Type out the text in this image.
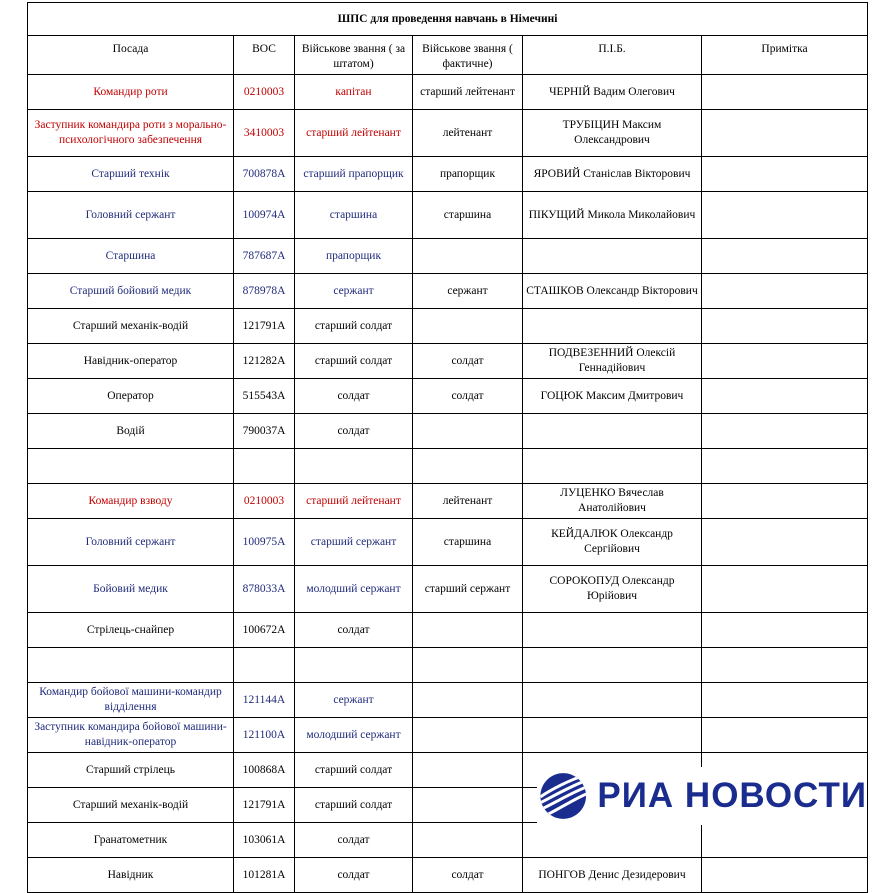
ШПС для проведення навчань в Німечині					
Посада	ВОС	Військове звання ( за штатом)	Військове звання ( фактичне)	П.І.Б.	Примітка
Командир роти	0210003	капітан	старший лейтенант	ЧЕРНІЙ Вадим Олегович	
Заступник командира роти з морально-психологічного забезпечення	3410003	старший лейтенант	лейтенант	ТРУБІЦИН Максим Олександрович	
Старший технік	700878А	старший прапорщик	прапорщик	ЯРОВИЙ Станіслав Вікторович	
Головний сержант	100974А	старшина	старшина	ПІКУЩИЙ Микола Миколайович	
Старшина	787687А	прапорщик			
Старший бойовий медик	878978А	сержант	сержант	СТАШКОВ Олександр Вікторович	
Старший механік-водій	121791А	старший солдат			
Навідник-оператор	121282А	старший солдат	солдат	ПОДВЕЗЕННИЙ Олексій Геннадійович	
Оператор	515543А	солдат	солдат	ГОЦЮК Максим Дмитрович	
Водій	790037А	солдат			

Командир взводу	0210003	старший лейтенант	лейтенант	ЛУЦЕНКО Вячеслав Анатолійович	
Головний сержант	100975А	старший сержант	старшина	КЕЙДАЛЮК Олександр Сергійович	
Бойовий медик	878033А	молодший сержант	старший сержант	СОРОКОПУД Олександр Юрійович	
Стрілець-снайпер	100672А	солдат			

Командир бойової машини-командир відділення	121144А	сержант			
Заступник командира бойової машини-навідник-оператор	121100А	молодший сержант			
Старший стрілець	100868А	старший солдат			
Старший механік-водій	121791А	старший солдат			
Гранатометник	103061А	солдат			
Навідник	101281А	солдат	солдат	ПОНГОВ Денис Дезидерович	
РИА НОВОСТИ
